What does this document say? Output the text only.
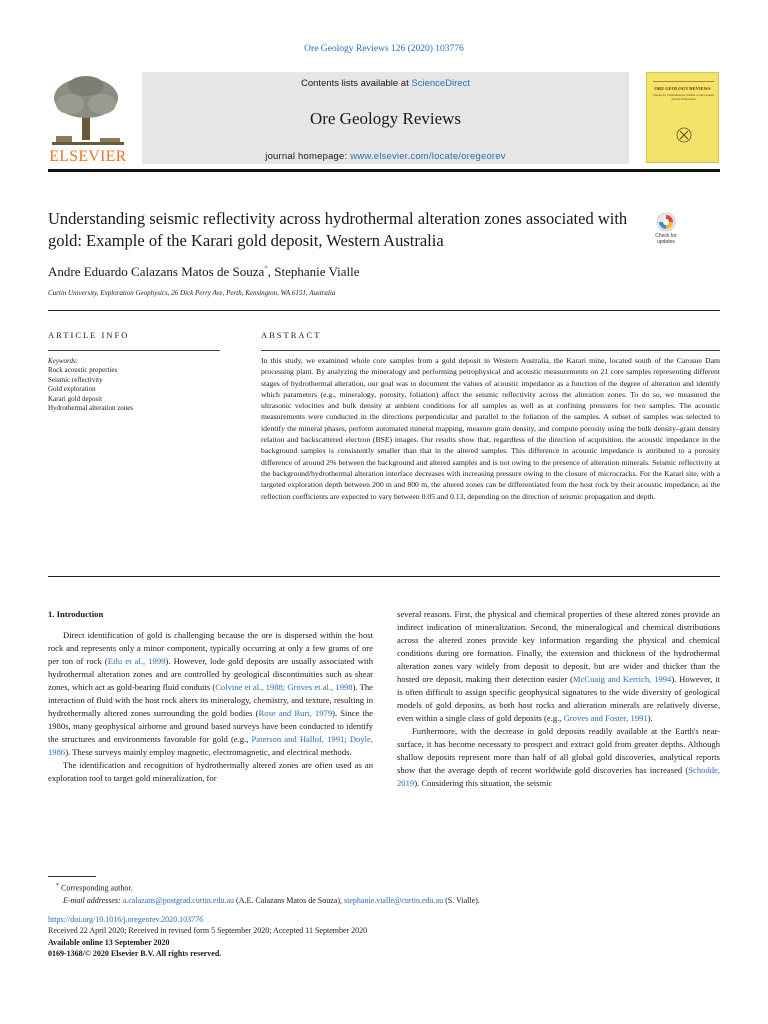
Ore Geology Reviews 126 (2020) 103776
ELSEVIER
Contents lists available at ScienceDirect
Ore Geology Reviews
journal homepage: www.elsevier.com/locate/oregeorev
ORE GEOLOGY REVIEWS
Journal for Comprehensive Studies of Ore Genesis and Ore Exploration
Understanding seismic reflectivity across hydrothermal alteration zones associated with gold: Example of the Karari gold deposit, Western Australia	Check for updates
Andre Eduardo Calazans Matos de Souza*, Stephanie Vialle
Curtin University, Exploration Geophysics, 26 Dick Perry Ave, Perth, Kensington, WA 6151, Australia
ARTICLE INFO	ABSTRACT
Keywords:
Rock acoustic properties
Seismic reflectivity
Gold exploration
Karari gold deposit
Hydrothermal alteration zones
In this study, we examined whole core samples from a gold deposit in Western Australia, the Karari mine, located south of the Carosue Dam processing plant. By analyzing the mineralogy and performing petrophysical and acoustic measurements on 21 core samples representing different stages of hydrothermal alteration, our goal was to document the values of acoustic impedance as a function of the degree of alteration and identify which parameters (e.g., mineralogy, porosity, foliation) affect the seismic reflectivity across the alteration zones. To do so, we measured the ultrasonic velocities and bulk density at ambient conditions for all samples as well as at confining pressures for two samples. The acoustic measurements were conducted in the directions perpendicular and parallel to the foliation of the samples. A subset of samples was selected to identify the mineral phases, perform automated mineral mapping, measure grain density, and compute porosity using the bulk density–grain density relation and backscattered electron (BSE) images. Our results show that, regardless of the direction of acquisition, the acoustic impedance in the background samples is consistently smaller than that in the altered samples. This difference in acoustic impedance is attributed to a porosity difference of around 2% between the background and altered samples and is not owing to the presence of alteration minerals. Seismic reflectivity at the background/hydrothermal alteration interface decreases with increasing pressure owing to the closure of microcracks. For the Karari site, with a targeted exploration depth between 200 m and 800 m, the altered zones can be differentiated from the host rock by their acoustic impedance, as the reflection coefficients are expected to vary between 0.05 and 0.13, depending on the direction of seismic propagation and depth.
1. Introduction

Direct identification of gold is challenging because the ore is dispersed within the host rock and represents only a minor component, typically occurring at only a few grams of ore per ton of rock (Eilu et al., 1999). However, lode gold deposits are usually associated with hydrothermal alteration zones and are controlled by geological discontinuities such as shear zones, which act as gold-bearing fluid conduits (Colvine et al., 1988; Groves et al., 1998). The interaction of fluid with the host rock alters its mineralogy, chemistry, and texture, resulting in hydrothermally altered zones surrounding the gold bodies (Rose and Burt, 1979). Since the 1980s, many geophysical airborne and ground based surveys have been conducted to identify the structures and environments favorable for gold (e.g., Paterson and Hallof, 1991; Doyle, 1986). These surveys mainly employ magnetic, electromagnetic, and electrical methods.

The identification and recognition of hydrothermally altered zones are often used as an exploration tool to target gold mineralization, for

several reasons. First, the physical and chemical properties of these altered zones provide an indirect indication of mineralization. Second, the mineralogical and chemical distributions across the altered zones provide key information regarding the physical and chemical conditions during ore formation. Finally, the extension and thickness of the hydrothermal alteration zones vary widely from deposit to deposit, but are wider and thicker than the hosted ore deposit, making their detection easier (McCuaig and Kerrich, 1994). However, it is often difficult to assign specific geophysical signatures to the wide diversity of geological models of gold deposits, as both host rocks and alteration minerals are relatively diverse, even within a single class of gold deposits (e.g., Groves and Foster, 1991).

Furthermore, with the decrease in gold deposits readily available at the Earth's near-surface, it has become necessary to prospect and extract gold from greater depths. Although shallow deposits represent more than half of all global gold discoveries, analytical reports show that the average depth of recent worldwide gold discoveries has increased (Schodde, 2019). Considering this situation, the seismic

* Corresponding author.
E-mail addresses: a.calazans@postgrad.curtin.edu.au (A.E. Calazans Matos de Souza), stephanie.vialle@curtin.edu.au (S. Vialle).
https://doi.org/10.1016/j.oregeorev.2020.103776
Received 22 April 2020; Received in revised form 5 September 2020; Accepted 11 September 2020
Available online 13 September 2020
0169-1368/© 2020 Elsevier B.V. All rights reserved.
